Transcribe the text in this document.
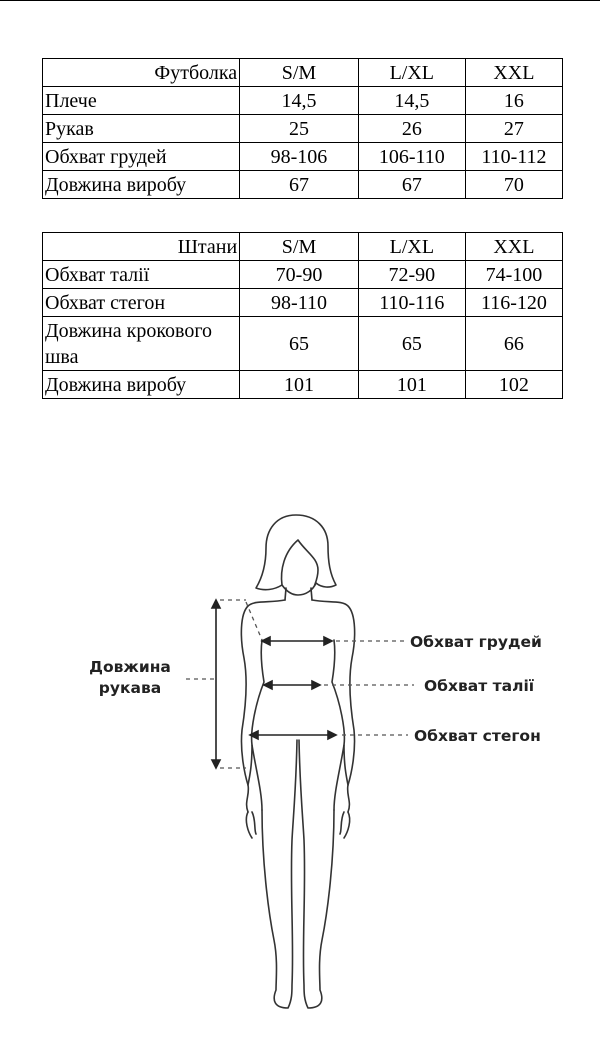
Футболка	S/M	L/XL	XXL
Плече	14,5	14,5	16
Рукав	25	26	27
Обхват грудей	98-106	106-110	110-112
Довжина виробу	67	67	70
Штани	S/M	L/XL	XXL
Обхват талії	70-90	72-90	74-100
Обхват стегон	98-110	110-116	116-120
Довжина крокового шва	65	65	66
Довжина виробу	101	101	102
Довжина
рукава
Обхват грудей
Обхват талії
Обхват стегон
